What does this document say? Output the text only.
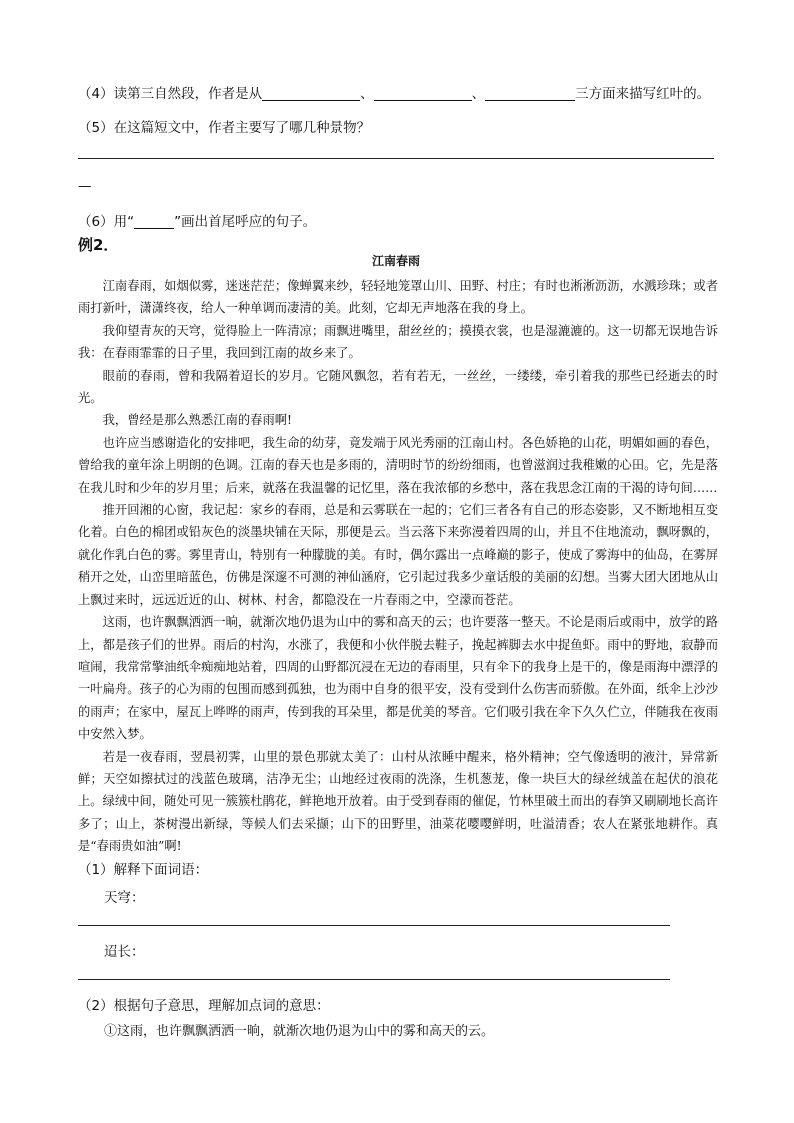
（4）读第三自然段，作者是从	、	、	三方面来描写红叶的。
（5）在这篇短文中，作者主要写了哪几种景物？
—
（6）用“	”画出首尾呼应的句子。
例2．
江南春雨

江南春雨，如烟似雾，迷迷茫茫；像蝉翼来纱，轻轻地笼罩山川、田野、村庄；有时也淅淅沥沥，水溅珍珠；或者雨打新叶，潇潇终夜，给人一种单调而凄清的美。此刻，它却无声地落在我的身上。

我仰望青灰的天穹，觉得脸上一阵清凉；雨飘进嘴里，甜丝丝的；摸摸衣裳，也是湿漉漉的。这一切都无误地告诉我：在春雨霏霏的日子里，我回到江南的故乡来了。

眼前的春雨，曾和我隔着迢长的岁月。它随风飘忽，若有若无，一丝丝，一缕缕，牵引着我的那些已经逝去的时光。

我，曾经是那么熟悉江南的春雨啊!

也许应当感谢造化的安排吧，我生命的幼芽，竟发端于风光秀丽的江南山村。各色娇艳的山花，明媚如画的春色，曾给我的童年涂上明朗的色调。江南的春天也是多雨的，清明时节的纷纷细雨，也曾滋润过我稚嫩的心田。它，先是落在我儿时和少年的岁月里；后来，就落在我温馨的记忆里，落在我浓郁的乡愁中，落在我思念江南的干渴的诗句间……

推开回湘的心窗，我记起：家乡的春雨，总是和云雾联在一起的；它们三者各有自己的形态姿影，又不断地相互变化着。白色的棉团或铅灰色的淡墨块铺在天际，那便是云。当云落下来弥漫着四周的山，并且不住地流动，飘呀飘的，就化作乳白色的雾。雾里青山，特别有一种朦胧的美。有时，偶尔露出一点峰巅的影子，使成了雾海中的仙岛，在雾屏稍开之处，山峦里暗蓝色，仿佛是深邃不可测的神仙涵府，它引起过我多少童话般的美丽的幻想。当雾大团大团地从山上飘过来时，远远近近的山、树林、村舍，都隐没在一片春雨之中，空濛而苍茫。

这雨，也许飘飘洒洒一晌，就渐次地仍退为山中的雾和高天的云；也许要落一整天。不论是雨后或雨中，放学的路上，都是孩子们的世界。雨后的村沟，水涨了，我便和小伙伴脱去鞋子，挽起裤脚去水中捉鱼虾。雨中的野地，寂静而喧闹，我常常擎油纸伞痴痴地站着，四周的山野都沉浸在无边的春雨里，只有伞下的我身上是干的，像是雨海中漂浮的一叶扁舟。孩子的心为雨的包围而感到孤独，也为雨中自身的很平安，没有受到什么伤害而骄傲。在外面，纸伞上沙沙的雨声；在家中，屋瓦上哗哗的雨声，传到我的耳朵里，都是优美的琴音。它们吸引我在伞下久久伫立，伴随我在夜雨中安然入梦。

若是一夜春雨，翌晨初霁，山里的景色那就太美了：山村从浓睡中醒来，格外精神；空气像透明的液汁，异常新鲜；天空如擦拭过的浅蓝色玻璃，洁净无尘；山地经过夜雨的洗涤，生机葱茏，像一块巨大的绿丝绒盖在起伏的浪花上。绿绒中间，随处可见一簇簇杜鹃花，鲜艳地开放着。由于受到春雨的催促，竹林里破土而出的春笋又刷刷地长高许多了；山上，茶树漫出新绿，等候人们去采撷；山下的田野里，油菜花嘤嘤鲜明，吐溢清香；农人在紧张地耕作。真是“春雨贵如油”啊!

（1）解释下面词语：
天穹：
迢长：
（2）根据句子意思，理解加点词的意思：
①这雨，也许飘飘洒洒一晌，就渐次地仍退为山中的雾和高天的云。
